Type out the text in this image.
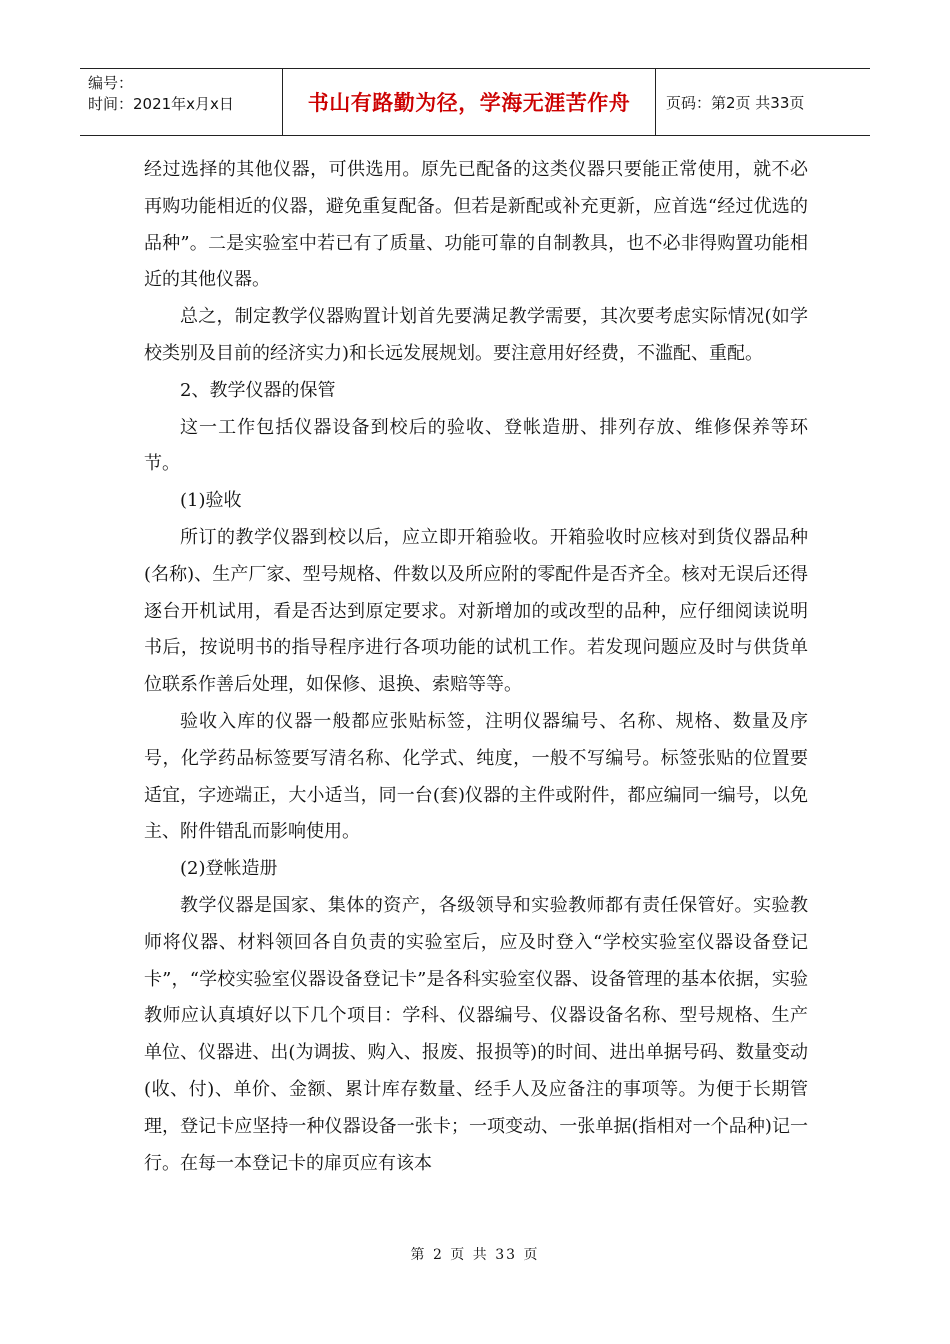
编号：
时间：2021年x月x日	书山有路勤为径，学海无涯苦作舟	页码：第2页 共33页

经过选择的其他仪器，可供选用。原先已配备的这类仪器只要能正常使用，就不必再购功能相近的仪器，避免重复配备。但若是新配或补充更新，应首选“经过优选的品种”。二是实验室中若已有了质量、功能可靠的自制教具，也不必非得购置功能相近的其他仪器。

总之，制定教学仪器购置计划首先要满足教学需要，其次要考虑实际情况(如学校类别及目前的经济实力)和长远发展规划。要注意用好经费，不滥配、重配。

2、教学仪器的保管

这一工作包括仪器设备到校后的验收、登帐造册、排列存放、维修保养等环节。

(1)验收

所订的教学仪器到校以后，应立即开箱验收。开箱验收时应核对到货仪器品种(名称)、生产厂家、型号规格、件数以及所应附的零配件是否齐全。核对无误后还得逐台开机试用，看是否达到原定要求。对新增加的或改型的品种，应仔细阅读说明书后，按说明书的指导程序进行各项功能的试机工作。若发现问题应及时与供货单位联系作善后处理，如保修、退换、索赔等等。

验收入库的仪器一般都应张贴标签，注明仪器编号、名称、规格、数量及序号，化学药品标签要写清名称、化学式、纯度，一般不写编号。标签张贴的位置要适宜，字迹端正，大小适当，同一台(套)仪器的主件或附件，都应编同一编号，以免主、附件错乱而影响使用。

(2)登帐造册

教学仪器是国家、集体的资产，各级领导和实验教师都有责任保管好。实验教师将仪器、材料领回各自负责的实验室后，应及时登入“学校实验室仪器设备登记卡”，“学校实验室仪器设备登记卡”是各科实验室仪器、设备管理的基本依据，实验教师应认真填好以下几个项目：学科、仪器编号、仪器设备名称、型号规格、生产单位、仪器进、出(为调拔、购入、报废、报损等)的时间、进出单据号码、数量变动(收、付)、单价、金额、累计库存数量、经手人及应备注的事项等。为便于长期管理，登记卡应坚持一种仪器设备一张卡；一项变动、一张单据(指相对一个品种)记一行。在每一本登记卡的扉页应有该本

第 2 页 共 33 页
